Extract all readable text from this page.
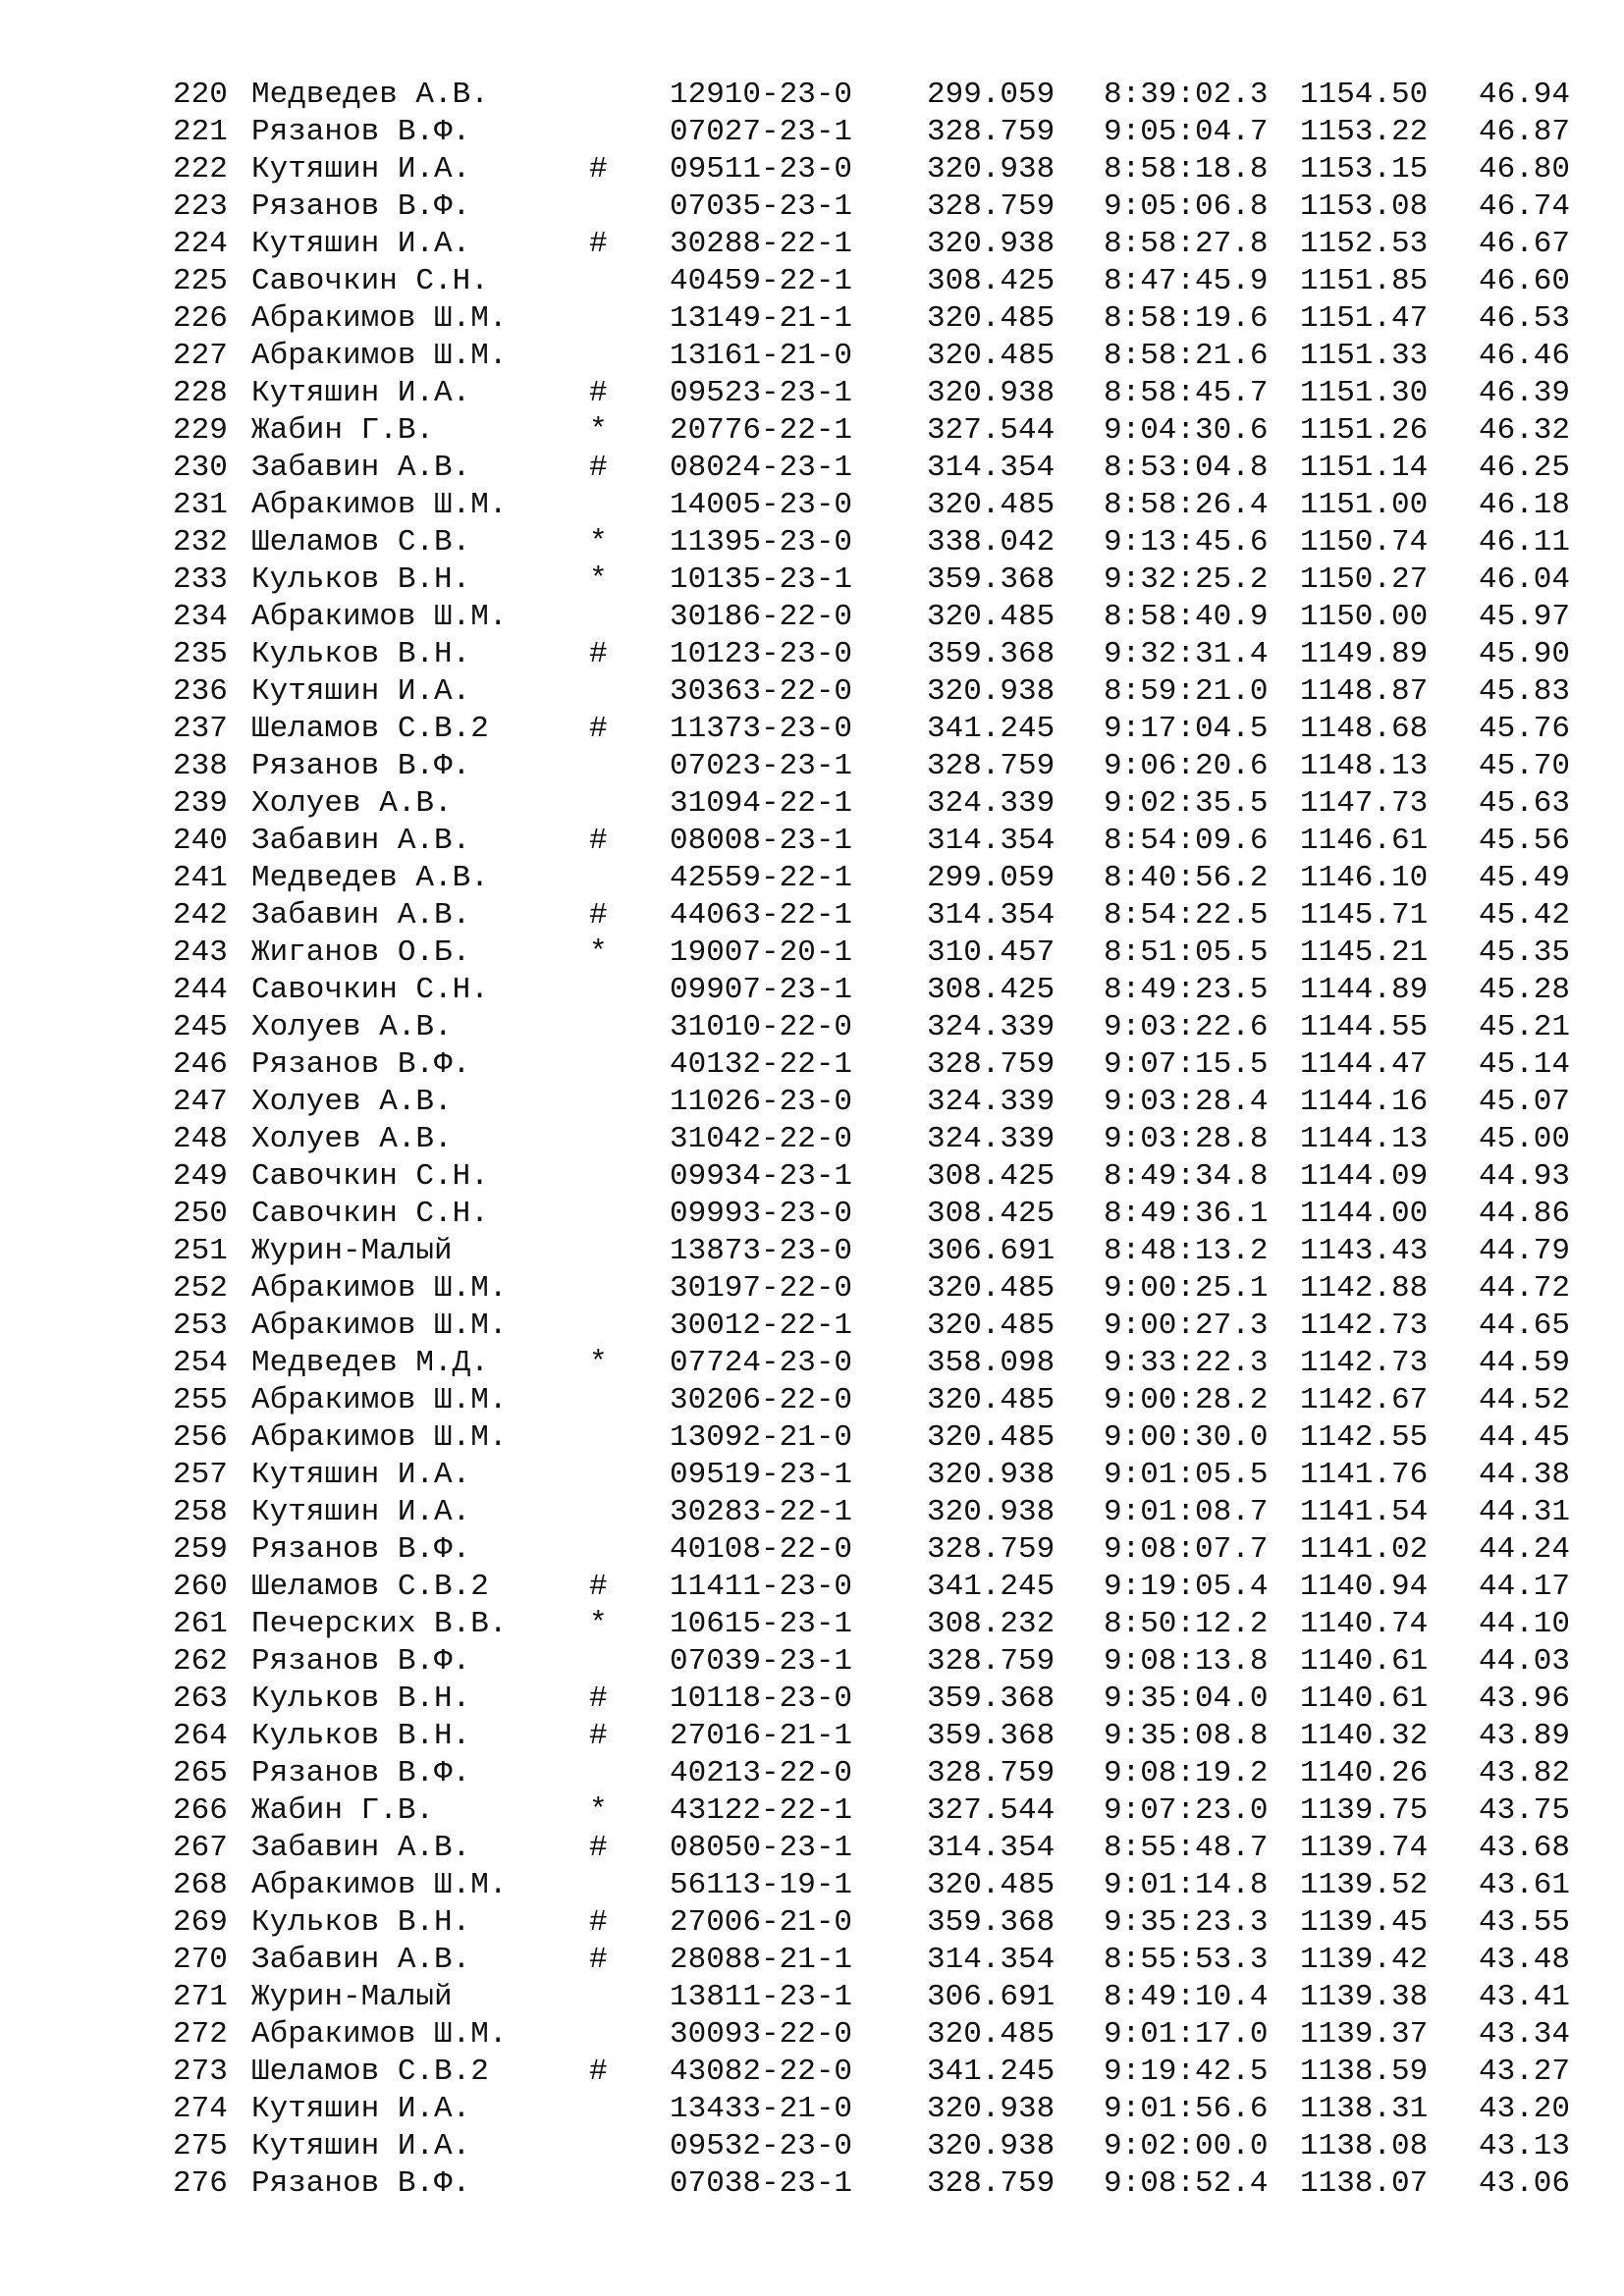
220 Медведев А.В.	12910-23-0 299.059 8:39:02.3 1154.50 46.94
221 Рязанов В.Ф.	07027-23-1 328.759 9:05:04.7 1153.22 46.87
222 Кутяшин И.А.	# 09511-23-0 320.938 8:58:18.8 1153.15 46.80
223 Рязанов В.Ф.	07035-23-1 328.759 9:05:06.8 1153.08 46.74
224 Кутяшин И.А.	# 30288-22-1 320.938 8:58:27.8 1152.53 46.67
225 Савочкин С.Н.	40459-22-1 308.425 8:47:45.9 1151.85 46.60
226 Абракимов Ш.М.	13149-21-1 320.485 8:58:19.6 1151.47 46.53
227 Абракимов Ш.М.	13161-21-0 320.485 8:58:21.6 1151.33 46.46
228 Кутяшин И.А.	# 09523-23-1 320.938 8:58:45.7 1151.30 46.39
229 Жабин Г.В.	* 20776-22-1 327.544 9:04:30.6 1151.26 46.32
230 Забавин А.В.	# 08024-23-1 314.354 8:53:04.8 1151.14 46.25
231 Абракимов Ш.М.	14005-23-0 320.485 8:58:26.4 1151.00 46.18
232 Шеламов С.В.	* 11395-23-0 338.042 9:13:45.6 1150.74 46.11
233 Кульков В.Н.	* 10135-23-1 359.368 9:32:25.2 1150.27 46.04
234 Абракимов Ш.М.	30186-22-0 320.485 8:58:40.9 1150.00 45.97
235 Кульков В.Н.	# 10123-23-0 359.368 9:32:31.4 1149.89 45.90
236 Кутяшин И.А.	30363-22-0 320.938 8:59:21.0 1148.87 45.83
237 Шеламов С.В.2	# 11373-23-0 341.245 9:17:04.5 1148.68 45.76
238 Рязанов В.Ф.	07023-23-1 328.759 9:06:20.6 1148.13 45.70
239 Холуев А.В.	31094-22-1 324.339 9:02:35.5 1147.73 45.63
240 Забавин А.В.	# 08008-23-1 314.354 8:54:09.6 1146.61 45.56
241 Медведев А.В.	42559-22-1 299.059 8:40:56.2 1146.10 45.49
242 Забавин А.В.	# 44063-22-1 314.354 8:54:22.5 1145.71 45.42
243 Жиганов О.Б.	* 19007-20-1 310.457 8:51:05.5 1145.21 45.35
244 Савочкин С.Н.	09907-23-1 308.425 8:49:23.5 1144.89 45.28
245 Холуев А.В.	31010-22-0 324.339 9:03:22.6 1144.55 45.21
246 Рязанов В.Ф.	40132-22-1 328.759 9:07:15.5 1144.47 45.14
247 Холуев А.В.	11026-23-0 324.339 9:03:28.4 1144.16 45.07
248 Холуев А.В.	31042-22-0 324.339 9:03:28.8 1144.13 45.00
249 Савочкин С.Н.	09934-23-1 308.425 8:49:34.8 1144.09 44.93
250 Савочкин С.Н.	09993-23-0 308.425 8:49:36.1 1144.00 44.86
251 Журин-Малый	13873-23-0 306.691 8:48:13.2 1143.43 44.79
252 Абракимов Ш.М.	30197-22-0 320.485 9:00:25.1 1142.88 44.72
253 Абракимов Ш.М.	30012-22-1 320.485 9:00:27.3 1142.73 44.65
254 Медведев М.Д.	* 07724-23-0 358.098 9:33:22.3 1142.73 44.59
255 Абракимов Ш.М.	30206-22-0 320.485 9:00:28.2 1142.67 44.52
256 Абракимов Ш.М.	13092-21-0 320.485 9:00:30.0 1142.55 44.45
257 Кутяшин И.А.	09519-23-1 320.938 9:01:05.5 1141.76 44.38
258 Кутяшин И.А.	30283-22-1 320.938 9:01:08.7 1141.54 44.31
259 Рязанов В.Ф.	40108-22-0 328.759 9:08:07.7 1141.02 44.24
260 Шеламов С.В.2	# 11411-23-0 341.245 9:19:05.4 1140.94 44.17
261 Печерских В.В.	* 10615-23-1 308.232 8:50:12.2 1140.74 44.10
262 Рязанов В.Ф.	07039-23-1 328.759 9:08:13.8 1140.61 44.03
263 Кульков В.Н.	# 10118-23-0 359.368 9:35:04.0 1140.61 43.96
264 Кульков В.Н.	# 27016-21-1 359.368 9:35:08.8 1140.32 43.89
265 Рязанов В.Ф.	40213-22-0 328.759 9:08:19.2 1140.26 43.82
266 Жабин Г.В.	* 43122-22-1 327.544 9:07:23.0 1139.75 43.75
267 Забавин А.В.	# 08050-23-1 314.354 8:55:48.7 1139.74 43.68
268 Абракимов Ш.М.	56113-19-1 320.485 9:01:14.8 1139.52 43.61
269 Кульков В.Н.	# 27006-21-0 359.368 9:35:23.3 1139.45 43.55
270 Забавин А.В.	# 28088-21-1 314.354 8:55:53.3 1139.42 43.48
271 Журин-Малый	13811-23-1 306.691 8:49:10.4 1139.38 43.41
272 Абракимов Ш.М.	30093-22-0 320.485 9:01:17.0 1139.37 43.34
273 Шеламов С.В.2	# 43082-22-0 341.245 9:19:42.5 1138.59 43.27
274 Кутяшин И.А.	13433-21-0 320.938 9:01:56.6 1138.31 43.20
275 Кутяшин И.А.	09532-23-0 320.938 9:02:00.0 1138.08 43.13
276 Рязанов В.Ф.	07038-23-1 328.759 9:08:52.4 1138.07 43.06
